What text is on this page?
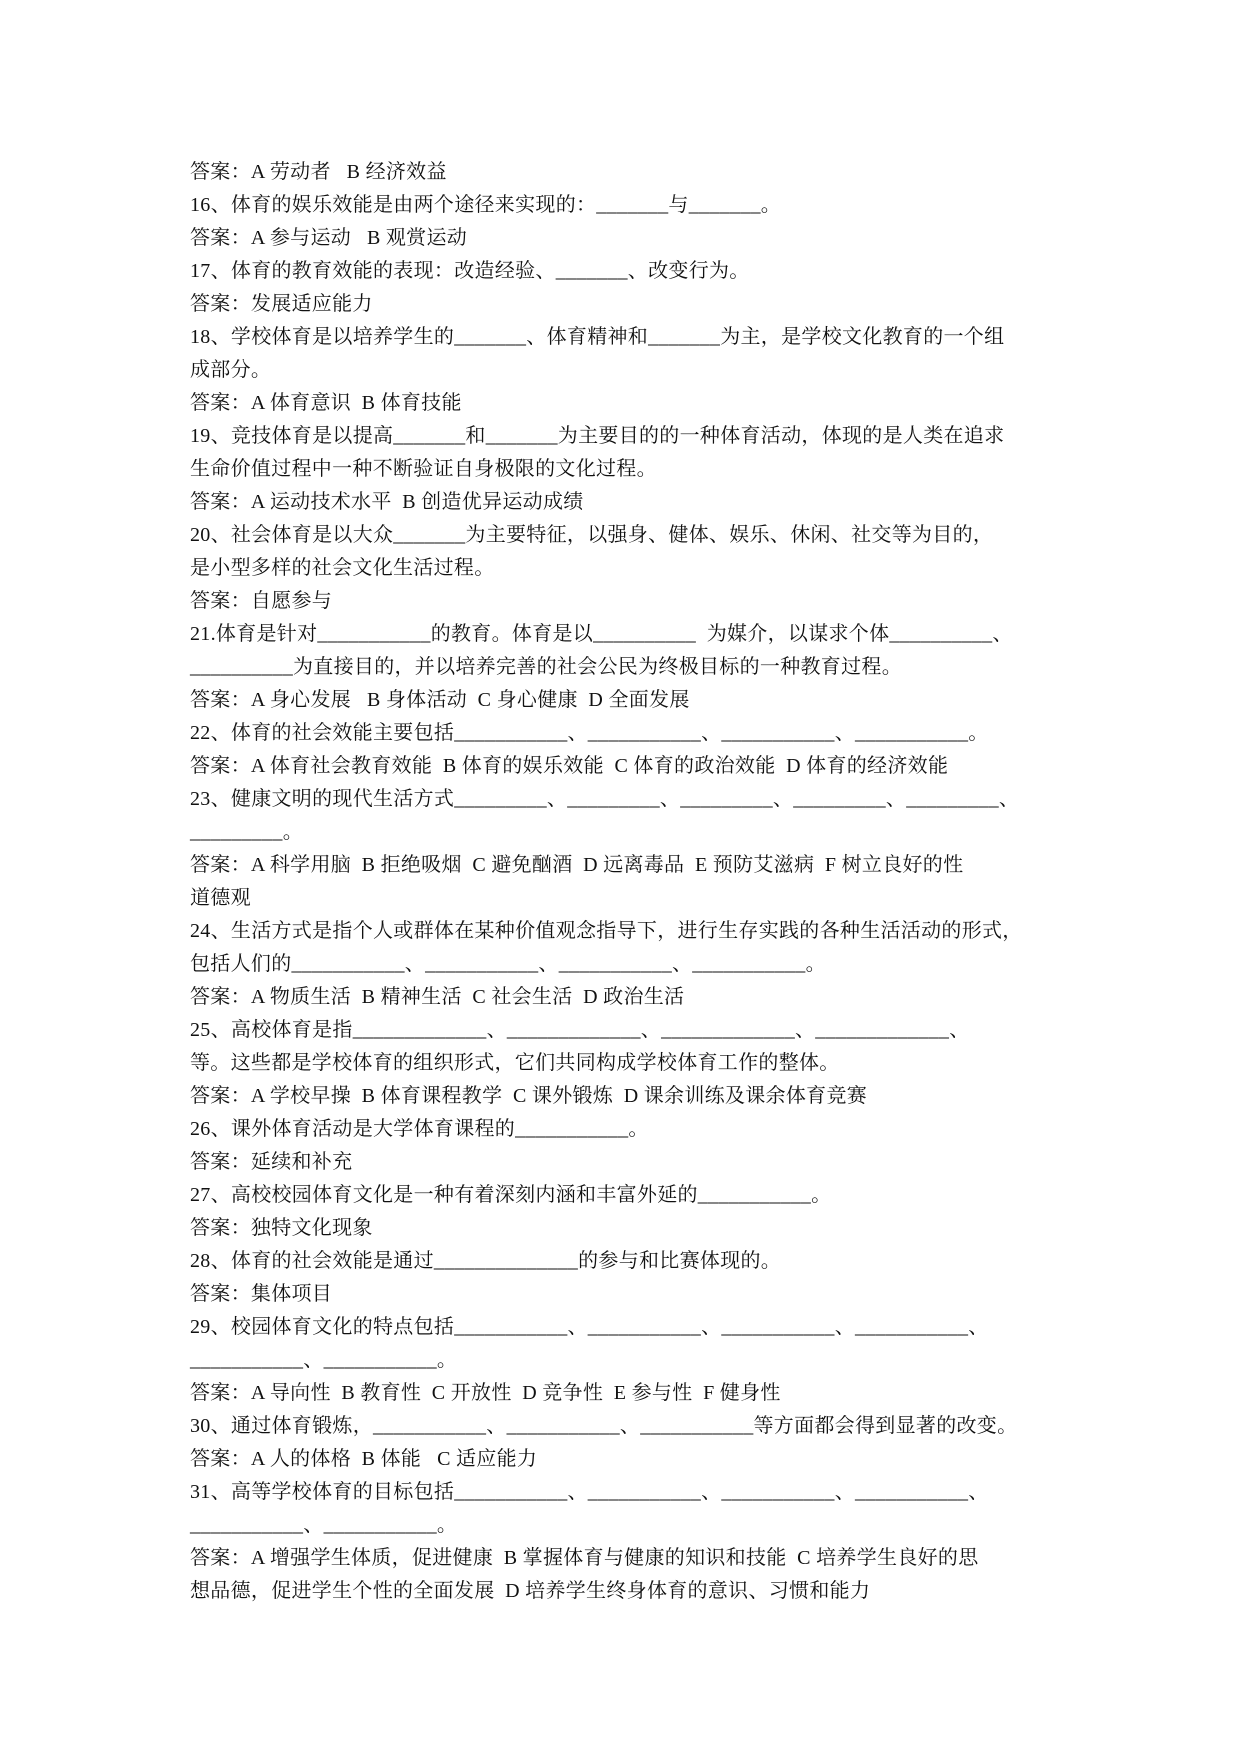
答案：A 劳动者   B 经济效益
16、体育的娱乐效能是由两个途径来实现的：_______与_______。
答案：A 参与运动   B 观赏运动
17、体育的教育效能的表现：改造经验、_______、改变行为。
答案：发展适应能力
18、学校体育是以培养学生的_______、体育精神和_______为主，是学校文化教育的一个组
成部分。
答案：A 体育意识  B 体育技能
19、竞技体育是以提高_______和_______为主要目的的一种体育活动，体现的是人类在追求
生命价值过程中一种不断验证自身极限的文化过程。
答案：A 运动技术水平  B 创造优异运动成绩
20、社会体育是以大众_______为主要特征，以强身、健体、娱乐、休闲、社交等为目的，
是小型多样的社会文化生活过程。
答案：自愿参与
21.体育是针对___________的教育。体育是以__________  为媒介，以谋求个体__________、
__________为直接目的，并以培养完善的社会公民为终极目标的一种教育过程。
答案：A 身心发展   B 身体活动  C 身心健康  D 全面发展
22、体育的社会效能主要包括___________、___________、___________、___________。
答案：A 体育社会教育效能  B 体育的娱乐效能  C 体育的政治效能  D 体育的经济效能
23、健康文明的现代生活方式_________、_________、_________、_________、_________、
_________。
答案：A 科学用脑  B 拒绝吸烟  C 避免酗酒  D 远离毒品  E 预防艾滋病  F 树立良好的性
道德观
24、生活方式是指个人或群体在某种价值观念指导下，进行生存实践的各种生活活动的形式，
包括人们的___________、___________、___________、___________。
答案：A 物质生活  B 精神生活  C 社会生活  D 政治生活
25、高校体育是指_____________、_____________、_____________、_____________、
等。这些都是学校体育的组织形式，它们共同构成学校体育工作的整体。
答案：A 学校早操  B 体育课程教学  C 课外锻炼  D 课余训练及课余体育竞赛
26、课外体育活动是大学体育课程的___________。
答案：延续和补充
27、高校校园体育文化是一种有着深刻内涵和丰富外延的___________。
答案：独特文化现象
28、体育的社会效能是通过______________的参与和比赛体现的。
答案：集体项目
29、校园体育文化的特点包括___________、___________、___________、___________、
___________、___________。
答案：A 导向性  B 教育性  C 开放性  D 竞争性  E 参与性  F 健身性
30、通过体育锻炼，___________、___________、___________等方面都会得到显著的改变。
答案：A 人的体格  B 体能   C 适应能力
31、高等学校体育的目标包括___________、___________、___________、___________、
___________、___________。
答案：A 增强学生体质，促进健康  B 掌握体育与健康的知识和技能  C 培养学生良好的思
想品德，促进学生个性的全面发展  D 培养学生终身体育的意识、习惯和能力
